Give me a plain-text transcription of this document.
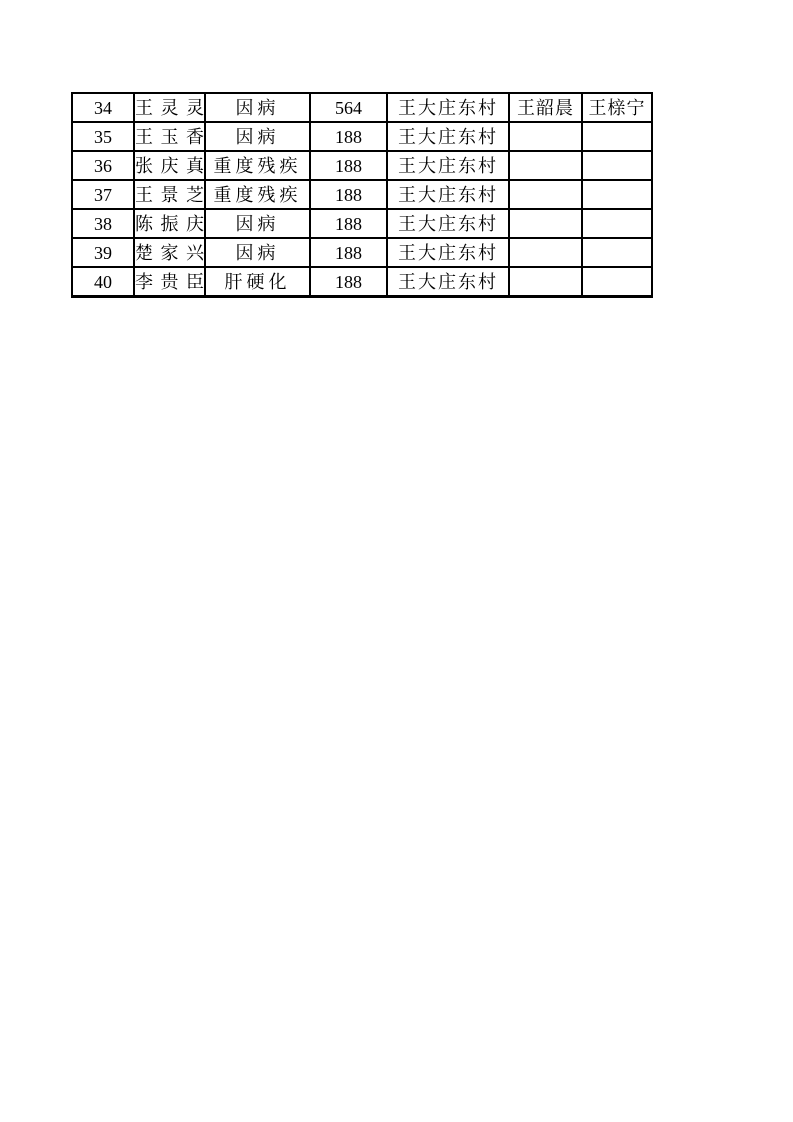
34	王灵灵	因病	564	王大庄东村	王韶晨	王榇宁
35	王玉香	因病	188	王大庄东村		
36	张庆真	重度残疾	188	王大庄东村		
37	王景芝	重度残疾	188	王大庄东村		
38	陈振庆	因病	188	王大庄东村		
39	楚家兴	因病	188	王大庄东村		
40	李贵臣	肝硬化	188	王大庄东村		
